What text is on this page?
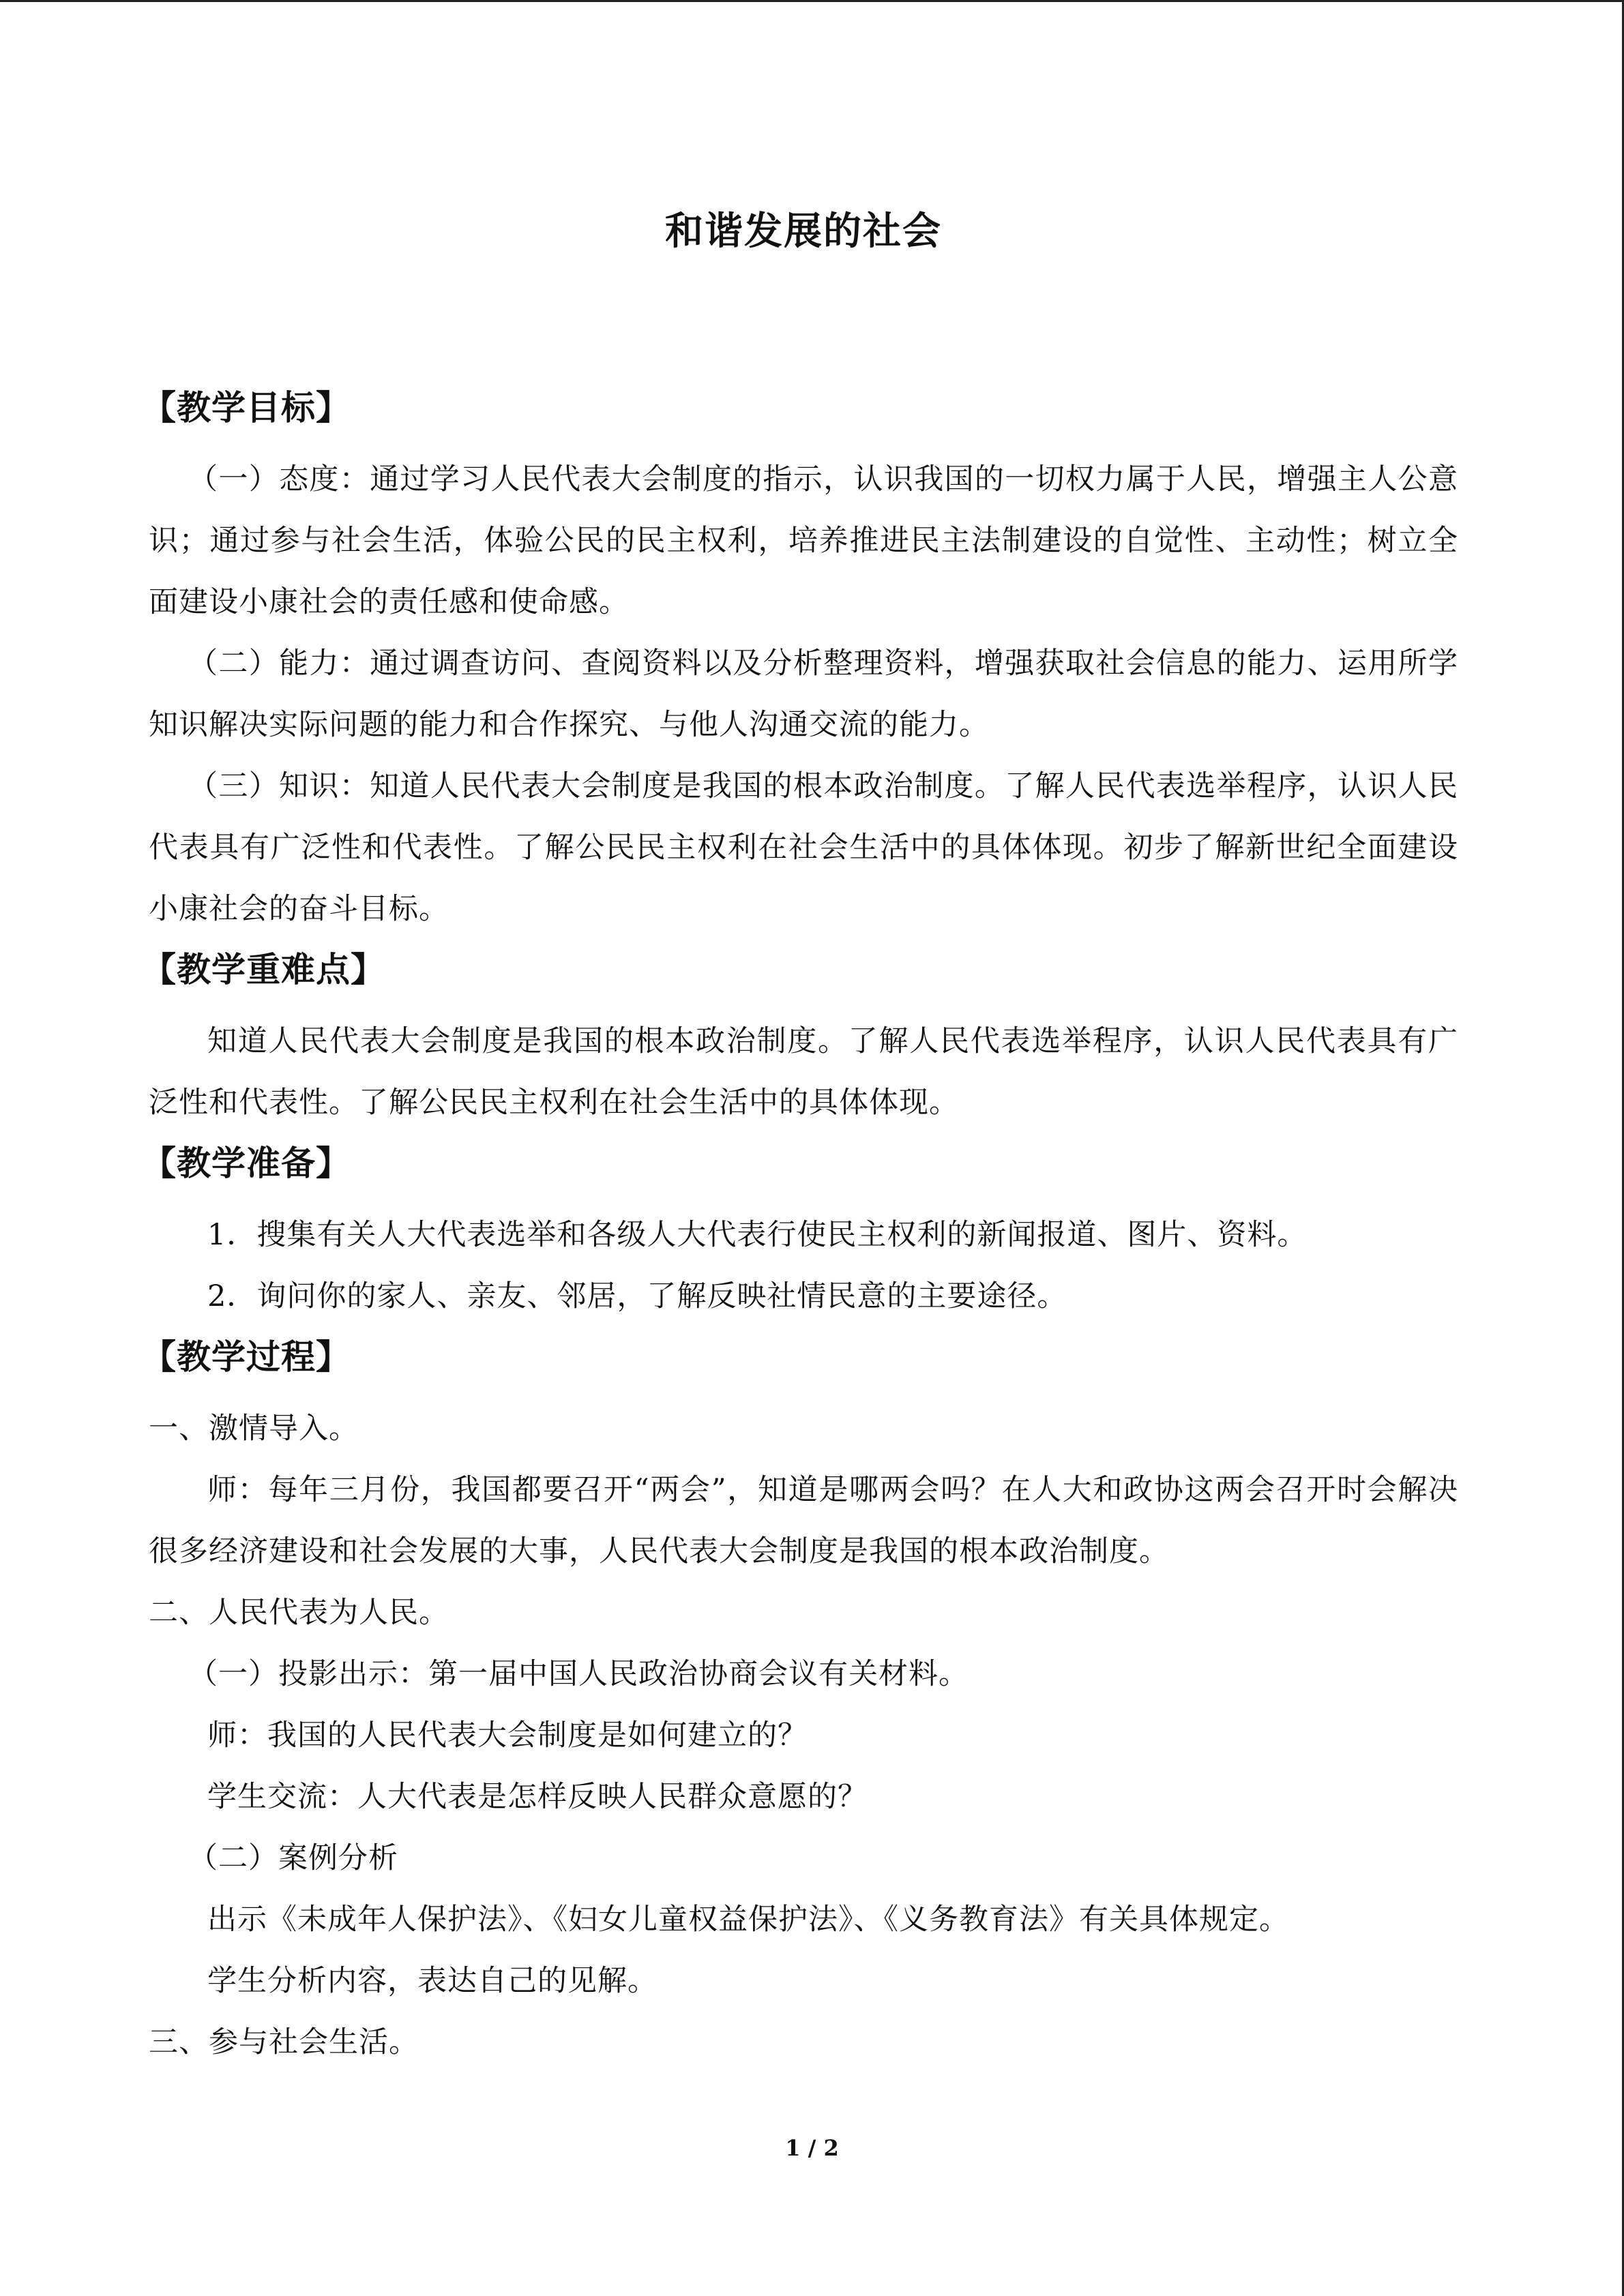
和谐发展的社会
【教学目标】

（一）态度：通过学习人民代表大会制度的指示，认识我国的一切权力属于人民，增强主人公意识；通过参与社会生活，体验公民的民主权利，培养推进民主法制建设的自觉性、主动性；树立全面建设小康社会的责任感和使命感。

（二）能力：通过调查访问、查阅资料以及分析整理资料，增强获取社会信息的能力、运用所学知识解决实际问题的能力和合作探究、与他人沟通交流的能力。

（三）知识：知道人民代表大会制度是我国的根本政治制度。了解人民代表选举程序，认识人民代表具有广泛性和代表性。了解公民民主权利在社会生活中的具体体现。初步了解新世纪全面建设小康社会的奋斗目标。

【教学重难点】

知道人民代表大会制度是我国的根本政治制度。了解人民代表选举程序，认识人民代表具有广泛性和代表性。了解公民民主权利在社会生活中的具体体现。

【教学准备】

1．搜集有关人大代表选举和各级人大代表行使民主权利的新闻报道、图片、资料。

2．询问你的家人、亲友、邻居，了解反映社情民意的主要途径。

【教学过程】

一、激情导入。

师：每年三月份，我国都要召开“两会”，知道是哪两会吗？在人大和政协这两会召开时会解决很多经济建设和社会发展的大事，人民代表大会制度是我国的根本政治制度。

二、人民代表为人民。

（一）投影出示：第一届中国人民政治协商会议有关材料。

师：我国的人民代表大会制度是如何建立的？

学生交流：人大代表是怎样反映人民群众意愿的？

（二）案例分析

出示《未成年人保护法》、《妇女儿童权益保护法》、《义务教育法》有关具体规定。

学生分析内容，表达自己的见解。

三、参与社会生活。

1 / 2
